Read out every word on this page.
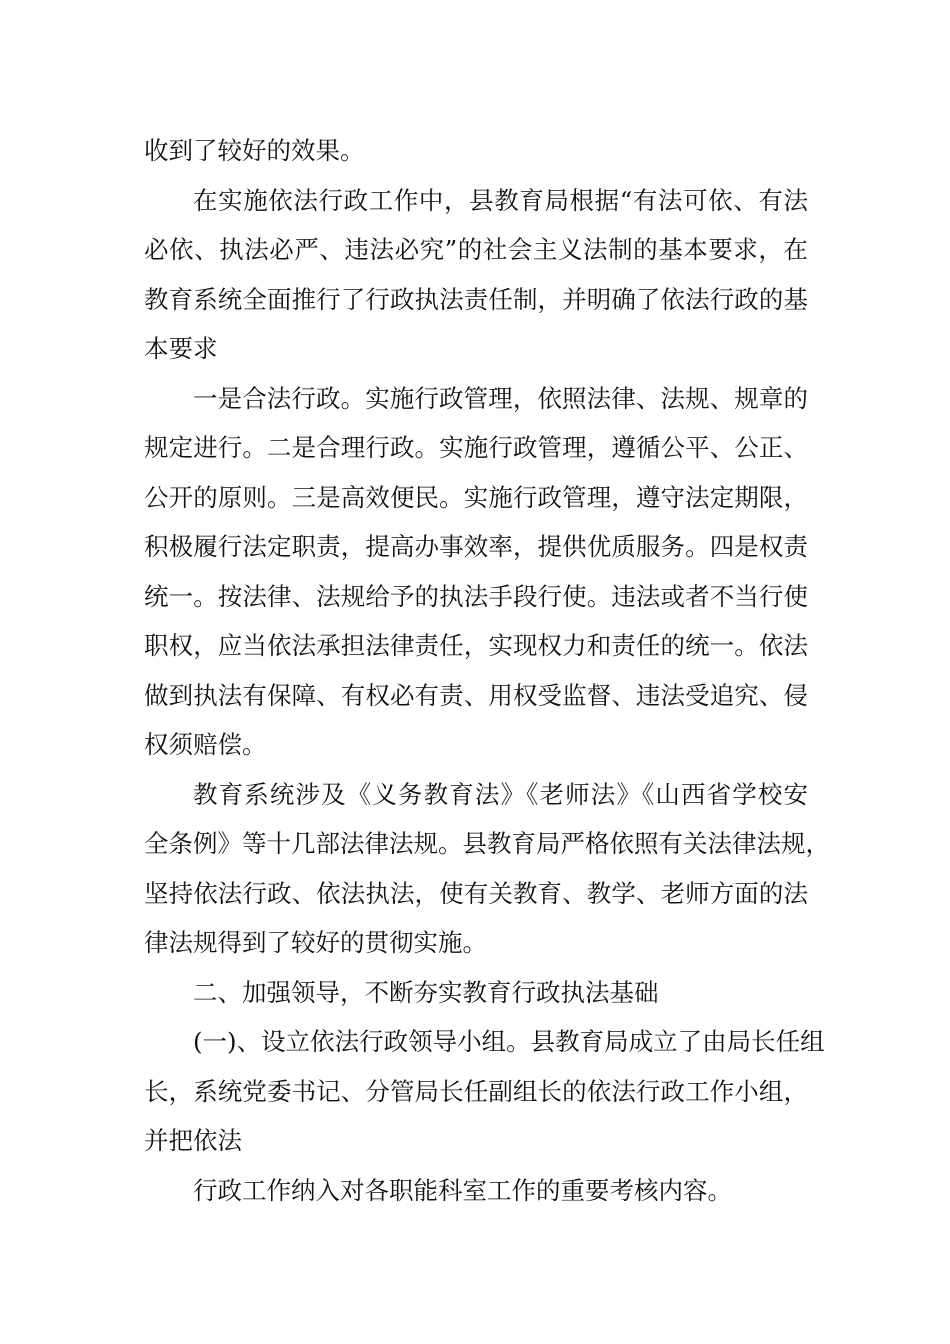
收到了较好的效果。
在实施依法行政工作中，县教育局根据“有法可依、有法
必依、执法必严、违法必究”的社会主义法制的基本要求，在
教育系统全面推行了行政执法责任制，并明确了依法行政的基
本要求
一是合法行政。实施行政管理，依照法律、法规、规章的
规定进行。二是合理行政。实施行政管理，遵循公平、公正、
公开的原则。三是高效便民。实施行政管理，遵守法定期限，
积极履行法定职责，提高办事效率，提供优质服务。四是权责
统一。按法律、法规给予的执法手段行使。违法或者不当行使
职权，应当依法承担法律责任，实现权力和责任的统一。依法
做到执法有保障、有权必有责、用权受监督、违法受追究、侵
权须赔偿。
教育系统涉及《义务教育法》《老师法》《山西省学校安
全条例》等十几部法律法规。县教育局严格依照有关法律法规，
坚持依法行政、依法执法，使有关教育、教学、老师方面的法
律法规得到了较好的贯彻实施。
二、加强领导，不断夯实教育行政执法基础
(一)、设立依法行政领导小组。县教育局成立了由局长任组
长，系统党委书记、分管局长任副组长的依法行政工作小组，
并把依法
行政工作纳入对各职能科室工作的重要考核内容。
